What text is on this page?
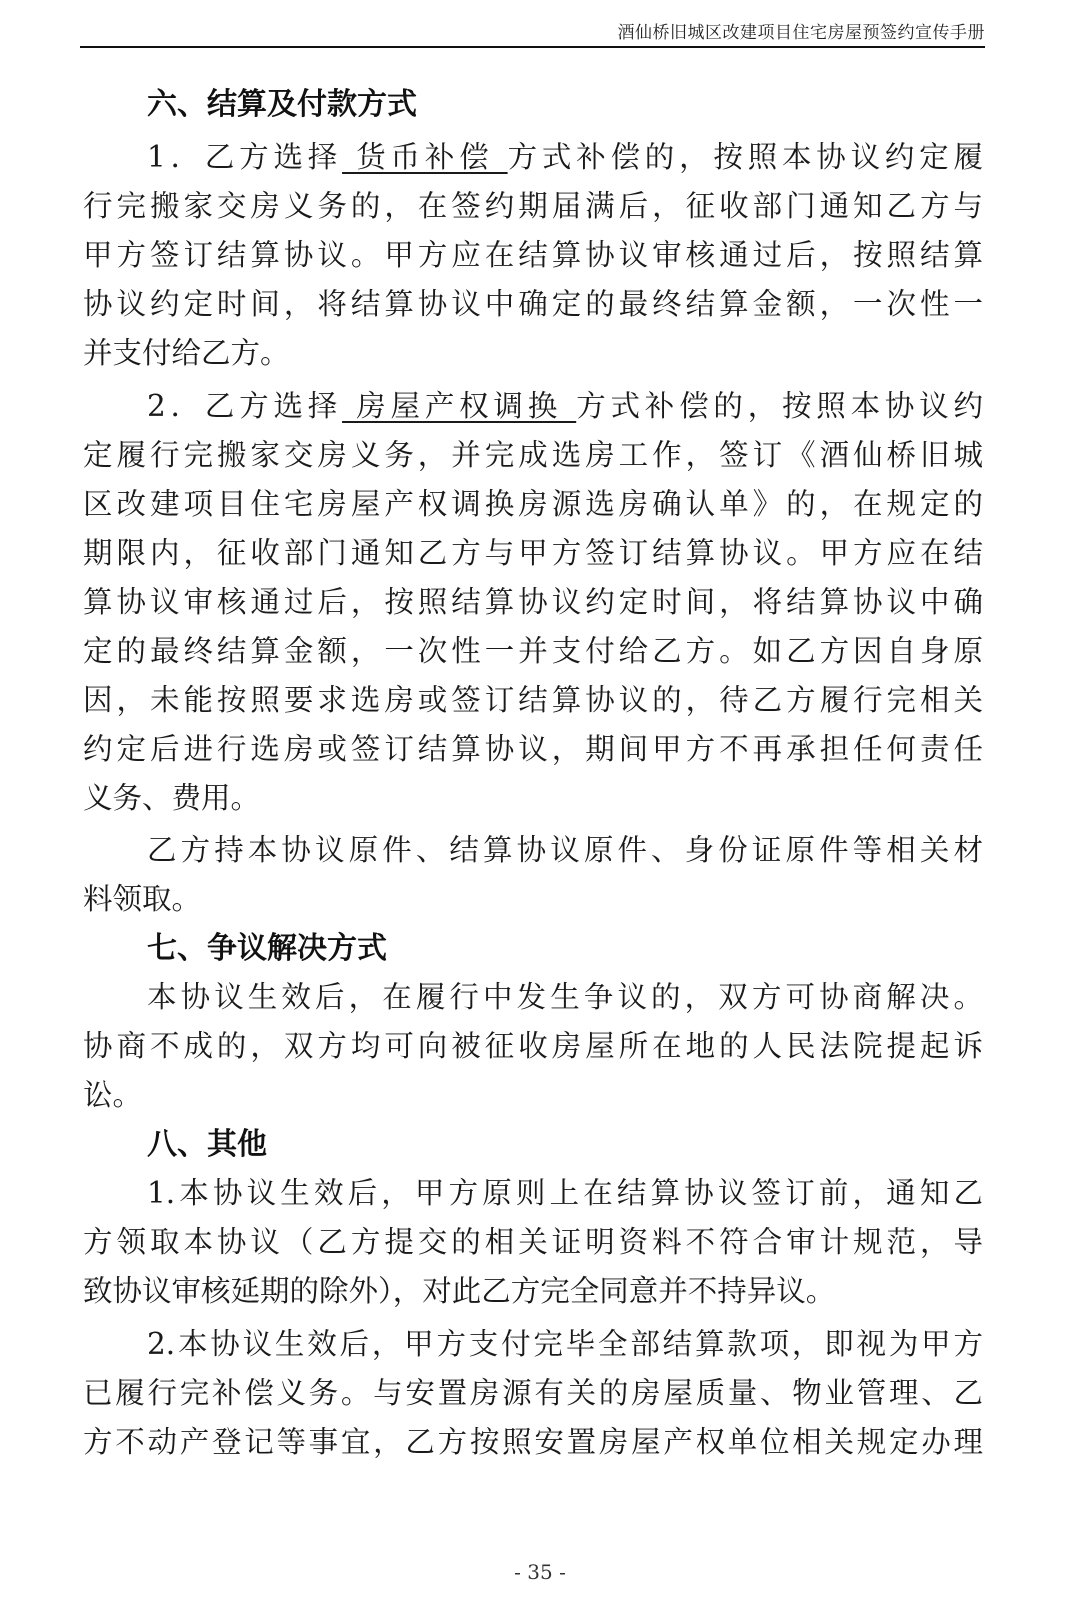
酒仙桥旧城区改建项目住宅房屋预签约宣传手册
六、结算及付款方式
1．乙方选择 货币补偿 方式补偿的，按照本协议约定履
行完搬家交房义务的，在签约期届满后，征收部门通知乙方与
甲方签订结算协议。甲方应在结算协议审核通过后，按照结算
协议约定时间，将结算协议中确定的最终结算金额，一次性一
并支付给乙方。
2．乙方选择 房屋产权调换 方式补偿的，按照本协议约
定履行完搬家交房义务，并完成选房工作，签订《酒仙桥旧城
区改建项目住宅房屋产权调换房源选房确认单》的，在规定的
期限内，征收部门通知乙方与甲方签订结算协议。甲方应在结
算协议审核通过后，按照结算协议约定时间，将结算协议中确
定的最终结算金额，一次性一并支付给乙方。如乙方因自身原
因，未能按照要求选房或签订结算协议的，待乙方履行完相关
约定后进行选房或签订结算协议，期间甲方不再承担任何责任
义务、费用。
乙方持本协议原件、结算协议原件、身份证原件等相关材
料领取。
七、争议解决方式
本协议生效后，在履行中发生争议的，双方可协商解决。
协商不成的，双方均可向被征收房屋所在地的人民法院提起诉
讼。
八、其他
1.本协议生效后，甲方原则上在结算协议签订前，通知乙
方领取本协议（乙方提交的相关证明资料不符合审计规范，导
致协议审核延期的除外），对此乙方完全同意并不持异议。
2.本协议生效后，甲方支付完毕全部结算款项，即视为甲方
已履行完补偿义务。与安置房源有关的房屋质量、物业管理、乙
方不动产登记等事宜，乙方按照安置房屋产权单位相关规定办理
- 35 -
